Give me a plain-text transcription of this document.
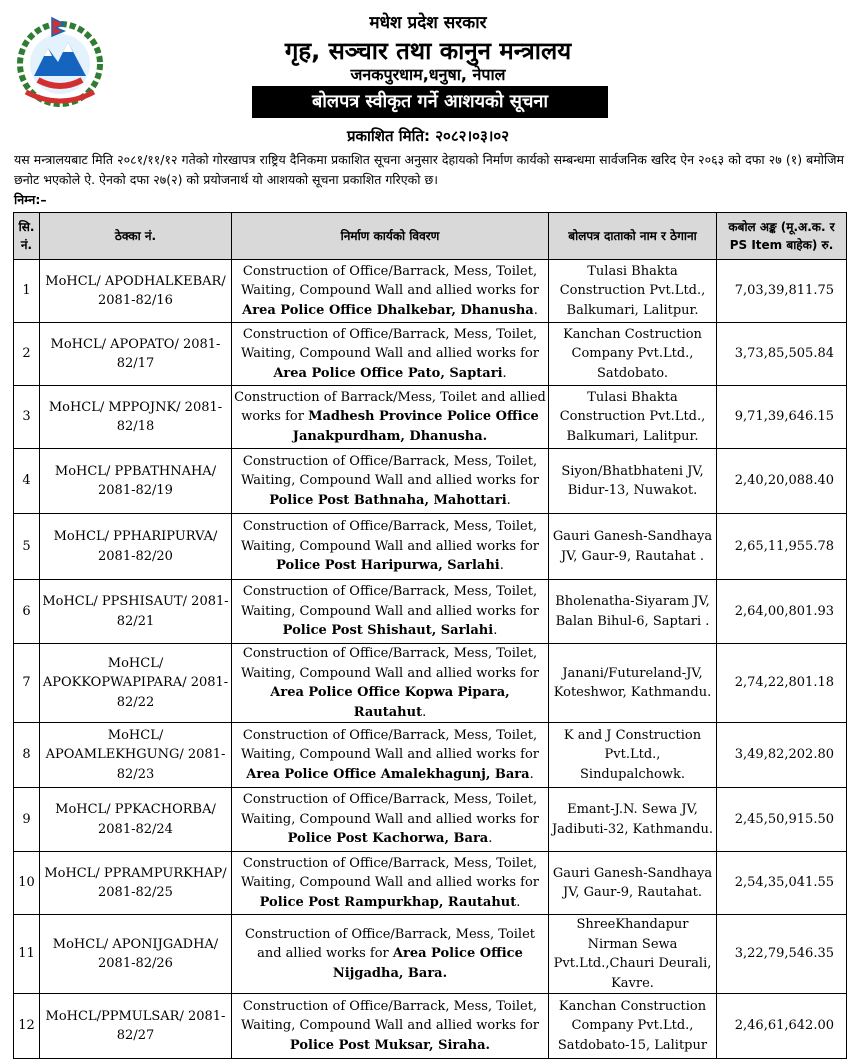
मधेश प्रदेश सरकार
गृह, सञ्चार तथा कानुन मन्त्रालय
जनकपुरधाम,धनुषा, नेपाल
बोलपत्र स्वीकृत गर्ने आशयको सूचना
प्रकाशित मिति: २०८२।०३।०२
यस मन्त्रालयबाट मिति २०८१/११/१२ गतेको गोरखापत्र राष्ट्रिय दैनिकमा प्रकाशित सूचना अनुसार देहायको निर्माण कार्यको सम्बन्धमा सार्वजनिक खरिद ऐन २०६३ को दफा २७ (१) बमोजिम छनोट भएकोले ऐ. ऐनको दफा २७(२) को प्रयोजनार्थ यो आशयको सूचना प्रकाशित गरिएको छ।
निम्न:–
सि. नं.	ठेक्का नं.	निर्माण कार्यको विवरण	बोलपत्र दाताको नाम र ठेगाना	कबोल अङ्क (मू.अ.क. र PS Item बाहेक) रु.
1	MoHCL/ APODHALKEBAR/ 2081-82/16	Construction of Office/Barrack, Mess, Toilet, Waiting, Compound Wall and allied works for Area Police Office Dhalkebar, Dhanusha.	Tulasi Bhakta Construction Pvt.Ltd., Balkumari, Lalitpur.	7,03,39,811.75
2	MoHCL/ APOPATO/ 2081-82/17	Construction of Office/Barrack, Mess, Toilet, Waiting, Compound Wall and allied works for Area Police Office Pato, Saptari.	Kanchan Costruction Company Pvt.Ltd., Satdobato.	3,73,85,505.84
3	MoHCL/ MPPOJNK/ 2081-82/18	Construction of Barrack/Mess, Toilet and allied works for Madhesh Province Police Office Janakpurdham, Dhanusha.	Tulasi Bhakta Construction Pvt.Ltd., Balkumari, Lalitpur.	9,71,39,646.15
4	MoHCL/ PPBATHNAHA/ 2081-82/19	Construction of Office/Barrack, Mess, Toilet, Waiting, Compound Wall and allied works for Police Post Bathnaha, Mahottari.	Siyon/Bhatbhateni JV, Bidur-13, Nuwakot.	2,40,20,088.40
5	MoHCL/ PPHARIPURVA/ 2081-82/20	Construction of Office/Barrack, Mess, Toilet, Waiting, Compound Wall and allied works for Police Post Haripurwa, Sarlahi.	Gauri Ganesh-Sandhaya JV, Gaur-9, Rautahat .	2,65,11,955.78
6	MoHCL/ PPSHISAUT/ 2081-82/21	Construction of Office/Barrack, Mess, Toilet, Waiting, Compound Wall and allied works for Police Post Shishaut, Sarlahi.	Bholenatha-Siyaram JV, Balan Bihul-6, Saptari .	2,64,00,801.93
7	MoHCL/ APOKKOPWAPIPARA/ 2081-82/22	Construction of Office/Barrack, Mess, Toilet, Waiting, Compound Wall and allied works for Area Police Office Kopwa Pipara, Rautahut.	Janani/Futureland-JV, Koteshwor, Kathmandu.	2,74,22,801.18
8	MoHCL/ APOAMLEKHGUNG/ 2081-82/23	Construction of Office/Barrack, Mess, Toilet, Waiting, Compound Wall and allied works for Area Police Office Amalekhagunj, Bara.	K and J Construction Pvt.Ltd., Sindupalchowk.	3,49,82,202.80
9	MoHCL/ PPKACHORBA/ 2081-82/24	Construction of Office/Barrack, Mess, Toilet, Waiting, Compound Wall and allied works for Police Post Kachorwa, Bara.	Emant-J.N. Sewa JV, Jadibuti-32, Kathmandu.	2,45,50,915.50
10	MoHCL/ PPRAMPURKHAP/ 2081-82/25	Construction of Office/Barrack, Mess, Toilet, Waiting, Compound Wall and allied works for Police Post Rampurkhap, Rautahut.	Gauri Ganesh-Sandhaya JV, Gaur-9, Rautahat.	2,54,35,041.55
11	MoHCL/ APONIJGADHA/ 2081-82/26	Construction of Office/Barrack, Mess, Toilet and allied works for Area Police Office Nijgadha, Bara.	ShreeKhandapur Nirman Sewa Pvt.Ltd.,Chauri Deurali, Kavre.	3,22,79,546.35
12	MoHCL/PPMULSAR/ 2081-82/27	Construction of Office/Barrack, Mess, Toilet, Waiting, Compound Wall and allied works for Police Post Muksar, Siraha.	Kanchan Construction Company Pvt.Ltd., Satdobato-15, Lalitpur	2,46,61,642.00
